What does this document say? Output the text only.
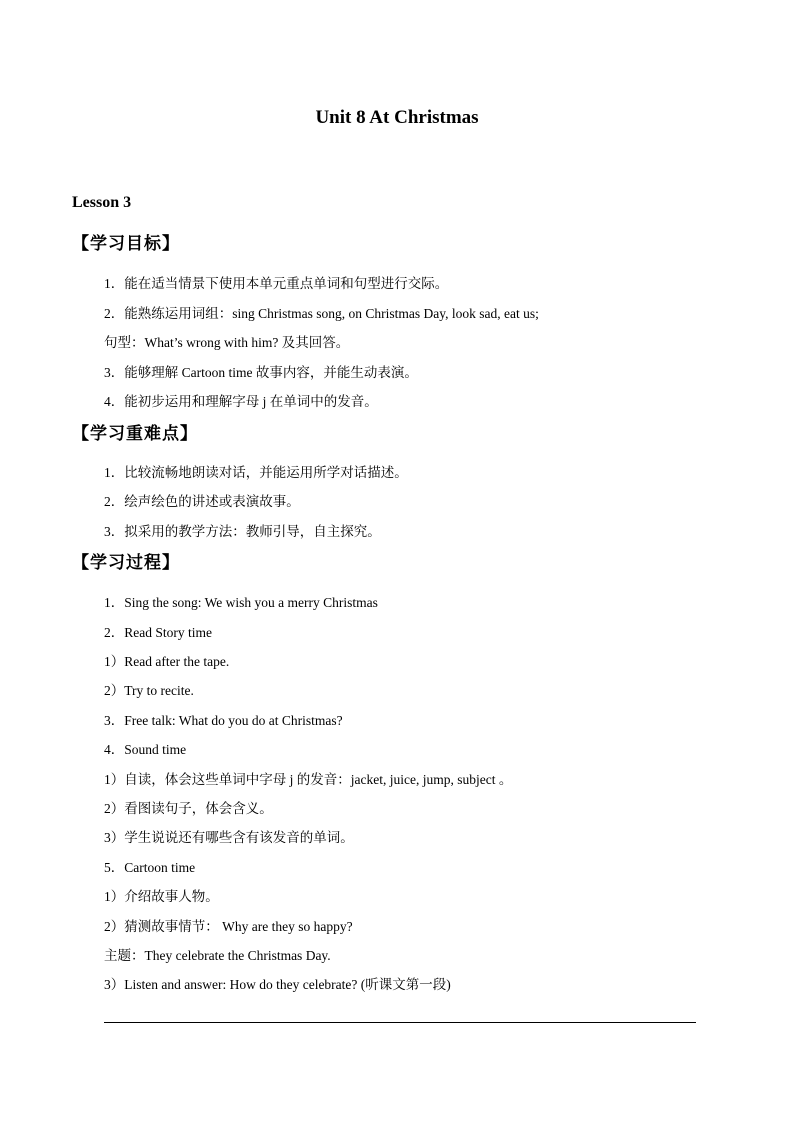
Unit 8 At Christmas
Lesson 3
【学习目标】
1．能在适当情景下使用本单元重点单词和句型进行交际。
2．能熟练运用词组：sing Christmas song, on Christmas Day, look sad, eat us;
句型：What’s wrong with him? 及其回答。
3．能够理解 Cartoon time 故事内容，并能生动表演。
4．能初步运用和理解字母 j 在单词中的发音。
【学习重难点】
1．比较流畅地朗读对话，并能运用所学对话描述。
2．绘声绘色的讲述或表演故事。
3．拟采用的教学方法：教师引导，自主探究。
【学习过程】
1．Sing the song: We wish you a merry Christmas
2．Read Story time
1）Read after the tape.
2）Try to recite.
3．Free talk: What do you do at Christmas?
4．Sound time
1）自读，体会这些单词中字母 j 的发音：jacket, juice, jump, subject 。
2）看图读句子，体会含义。
3）学生说说还有哪些含有该发音的单词。
5．Cartoon time
1）介绍故事人物。
2）猜测故事情节： Why are they so happy?
主题：They celebrate the Christmas Day.
3）Listen and answer: How do they celebrate? (听课文第一段)
